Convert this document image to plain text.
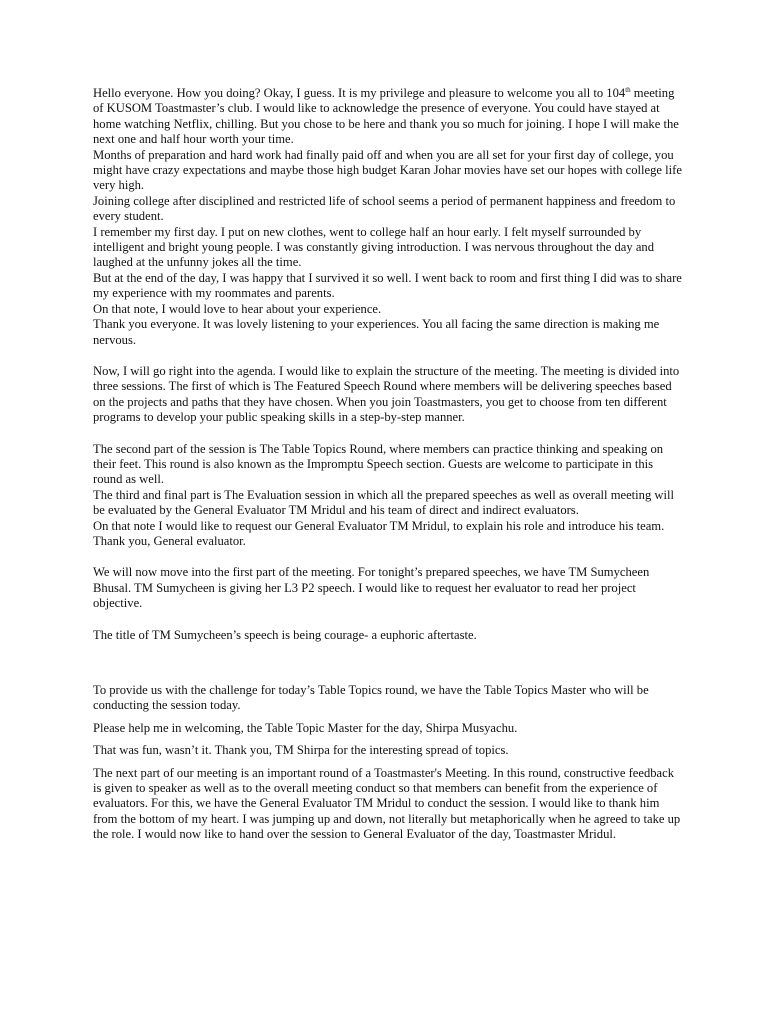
Hello everyone. How you doing? Okay, I guess. It is my privilege and pleasure to welcome you all to 104th meeting of KUSOM Toastmaster’s club. I would like to acknowledge the presence of everyone. You could have stayed at home watching Netflix, chilling. But you chose to be here and thank you so much for joining. I hope I will make the next one and half hour worth your time.

Months of preparation and hard work had finally paid off and when you are all set for your first day of college, you might have crazy expectations and maybe those high budget Karan Johar movies have set our hopes with college life very high.

Joining college after disciplined and restricted life of school seems a period of permanent happiness and freedom to every student.

I remember my first day. I put on new clothes, went to college half an hour early. I felt myself surrounded by intelligent and bright young people. I was constantly giving introduction. I was nervous throughout the day and laughed at the unfunny jokes all the time.

But at the end of the day, I was happy that I survived it so well. I went back to room and first thing I did was to share my experience with my roommates and parents.

On that note, I would love to hear about your experience.

Thank you everyone. It was lovely listening to your experiences. You all facing the same direction is making me nervous.

Now, I will go right into the agenda. I would like to explain the structure of the meeting. The meeting is divided into three sessions. The first of which is The Featured Speech Round where members will be delivering speeches based on the projects and paths that they have chosen. When you join Toastmasters, you get to choose from ten different programs to develop your public speaking skills in a step-by-step manner.

The second part of the session is The Table Topics Round, where members can practice thinking and speaking on their feet. This round is also known as the Impromptu Speech section. Guests are welcome to participate in this round as well.

The third and final part is The Evaluation session in which all the prepared speeches as well as overall meeting will be evaluated by the General Evaluator TM Mridul and his team of direct and indirect evaluators.

On that note I would like to request our General Evaluator TM Mridul, to explain his role and introduce his team.

Thank you, General evaluator.

We will now move into the first part of the meeting. For tonight’s prepared speeches, we have TM Sumycheen Bhusal. TM Sumycheen is giving her L3 P2 speech. I would like to request her evaluator to read her project objective.

The title of TM Sumycheen’s speech is being courage- a euphoric aftertaste.

To provide us with the challenge for today’s Table Topics round, we have the Table Topics Master who will be conducting the session today.

Please help me in welcoming, the Table Topic Master for the day, Shirpa Musyachu.

That was fun, wasn’t it. Thank you, TM Shirpa for the interesting spread of topics.

The next part of our meeting is an important round of a Toastmaster's Meeting. In this round, constructive feedback is given to speaker as well as to the overall meeting conduct so that members can benefit from the experience of evaluators. For this, we have the General Evaluator TM Mridul to conduct the session. I would like to thank him from the bottom of my heart. I was jumping up and down, not literally but metaphorically when he agreed to take up the role. I would now like to hand over the session to General Evaluator of the day, Toastmaster Mridul.
